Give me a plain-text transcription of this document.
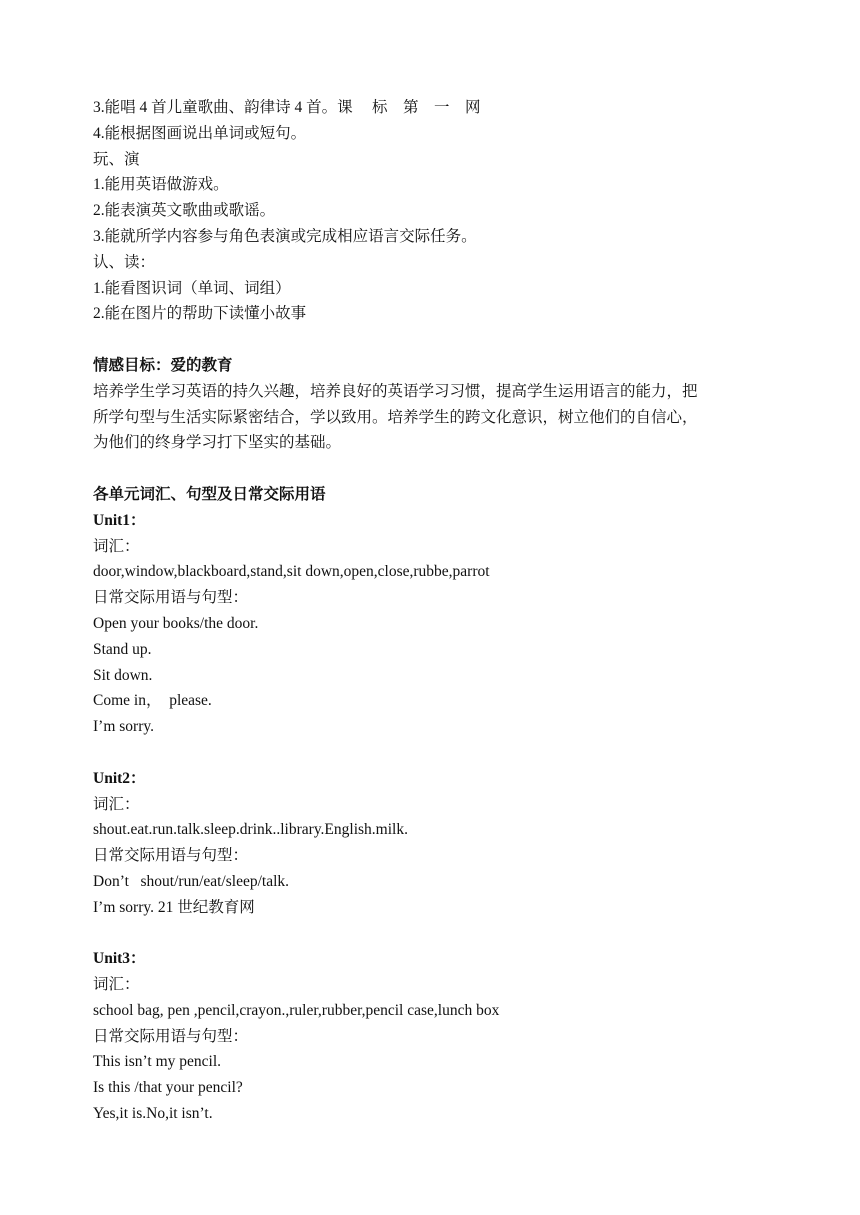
3.能唱 4 首儿童歌曲、韵律诗 4 首。课 　标　第　一　网
4.能根据图画说出单词或短句。
玩、演
1.能用英语做游戏。
2.能表演英文歌曲或歌谣。
3.能就所学内容参与角色表演或完成相应语言交际任务。
认、读：
1.能看图识词（单词、词组）
2.能在图片的帮助下读懂小故事
情感目标：爱的教育
培养学生学习英语的持久兴趣，培养良好的英语学习习惯，提高学生运用语言的能力，把
所学句型与生活实际紧密结合，学以致用。培养学生的跨文化意识，树立他们的自信心，
为他们的终身学习打下坚实的基础。
各单元词汇、句型及日常交际用语
Unit1：
词汇：
door,window,blackboard,stand,sit down,open,close,rubbe,parrot
日常交际用语与句型：
Open your books/the door.
Stand up.
Sit down.
Come in，  please.
I’m sorry.
Unit2：
词汇：
shout.eat.run.talk.sleep.drink..library.English.milk.
日常交际用语与句型：
Don’t   shout/run/eat/sleep/talk.
I’m sorry. 21 世纪教育网
Unit3：
词汇：
school bag, pen ,pencil,crayon.,ruler,rubber,pencil case,lunch box
日常交际用语与句型：
This isn’t my pencil.
Is this /that your pencil?
Yes,it is.No,it isn’t.
